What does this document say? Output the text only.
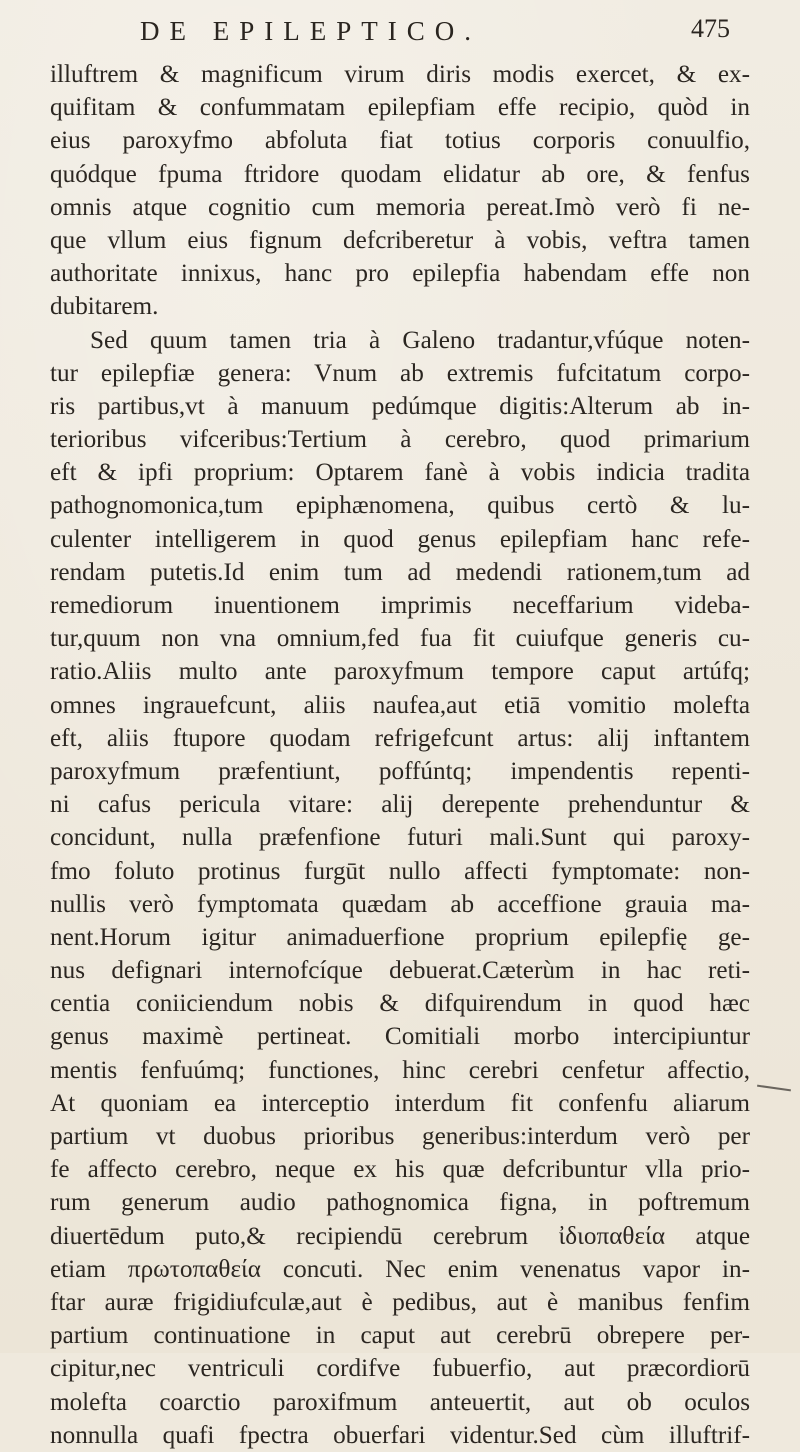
DE EPILEPTICO.	475
illuftrem & magnificum virum diris modis exercet, & ex-
quifitam & confummatam epilepfiam effe recipio, quòd in
eius paroxyfmo abfoluta fiat totius corporis conuulfio,
quódque fpuma ftridore quodam elidatur ab ore, & fenfus
omnis atque cognitio cum memoria pereat.Imò verò fi ne-
que vllum eius fignum defcriberetur à vobis, veftra tamen
authoritate innixus, hanc pro epilepfia habendam effe non
dubitarem.
Sed quum tamen tria à Galeno tradantur,vfúque noten-
tur epilepfiæ genera: Vnum ab extremis fufcitatum corpo-
ris partibus,vt à manuum pedúmque digitis:Alterum ab in-
terioribus vifceribus:Tertium à cerebro, quod primarium
eft & ipfi proprium: Optarem fanè à vobis indicia tradita
pathognomonica,tum epiphænomena, quibus certò & lu-
culenter intelligerem in quod genus epilepfiam hanc refe-
rendam putetis.Id enim tum ad medendi rationem,tum ad
remediorum inuentionem imprimis neceffarium videba-
tur,quum non vna omnium,fed fua fit cuiufque generis cu-
ratio.Aliis multo ante paroxyfmum tempore caput artúfq;
omnes ingrauefcunt, aliis naufea,aut etiā vomitio molefta
eft, aliis ftupore quodam refrigefcunt artus: alij inftantem
paroxyfmum præfentiunt, poffúntq; impendentis repenti-
ni cafus pericula vitare: alij derepente prehenduntur &
concidunt, nulla præfenfione futuri mali.Sunt qui paroxy-
fmo foluto protinus furgūt nullo affecti fymptomate: non-
nullis verò fymptomata quædam ab acceffione grauia ma-
nent.Horum igitur animaduerfione proprium epilepfię ge-
nus defignari internofcíque debuerat.Cæterùm in hac reti-
centia coniiciendum nobis & difquirendum in quod hæc
genus maximè pertineat. Comitiali morbo intercipiuntur
mentis fenfuúmq; functiones, hinc cerebri cenfetur affectio,
At quoniam ea interceptio interdum fit confenfu aliarum
partium vt duobus prioribus generibus:interdum verò per
fe affecto cerebro, neque ex his quæ defcribuntur vlla prio-
rum generum audio pathognomica figna, in poftremum
diuertēdum puto,& recipiendū cerebrum ἰδιοπαθεία atque
etiam πρωτοπαθεία concuti. Nec enim venenatus vapor in-
ftar auræ frigidiufculæ,aut è pedibus, aut è manibus fenfim
partium continuatione in caput aut cerebrū obrepere per-
cipitur,nec ventriculi cordifve fubuerfio, aut præcordiorū
molefta coarctio paroxifmum anteuertit, aut ob oculos
nonnulla quafi fpectra obuerfari videntur.Sed cùm illuftrif-
